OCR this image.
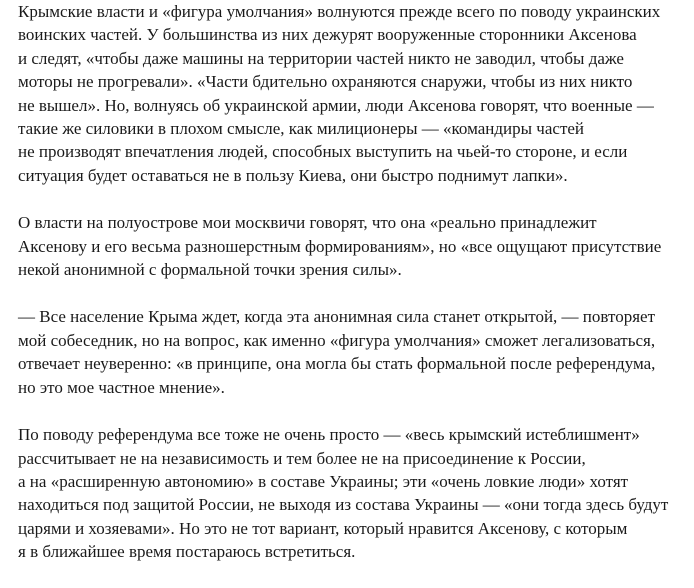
Крымские власти и «фигура умолчания» волнуются прежде всего по поводу украинских
воинских частей. У большинства из них дежурят вооруженные сторонники Аксенова
и следят, «чтобы даже машины на территории частей никто не заводил, чтобы даже
моторы не прогревали». «Части бдительно охраняются снаружи, чтобы из них никто
не вышел». Но, волнуясь об украинской армии, люди Аксенова говорят, что военные —
такие же силовики в плохом смысле, как милиционеры — «командиры частей
не производят впечатления людей, способных выступить на чьей-то стороне, и если
ситуация будет оставаться не в пользу Киева, они быстро поднимут лапки».

О власти на полуострове мои москвичи говорят, что она «реально принадлежит
Аксенову и его весьма разношерстным формированиям», но «все ощущают присутствие
некой анонимной с формальной точки зрения силы».

— Все население Крыма ждет, когда эта анонимная сила станет открытой, — повторяет
мой собеседник, но на вопрос, как именно «фигура умолчания» сможет легализоваться,
отвечает неуверенно: «в принципе, она могла бы стать формальной после референдума,
но это мое частное мнение».

По поводу референдума все тоже не очень просто — «весь крымский истеблишмент»
рассчитывает не на независимость и тем более не на присоединение к России,
а на «расширенную автономию» в составе Украины; эти «очень ловкие люди» хотят
находиться под защитой России, не выходя из состава Украины — «они тогда здесь будут
царями и хозяевами». Но это не тот вариант, который нравится Аксенову, с которым
я в ближайшее время постараюсь встретиться.
